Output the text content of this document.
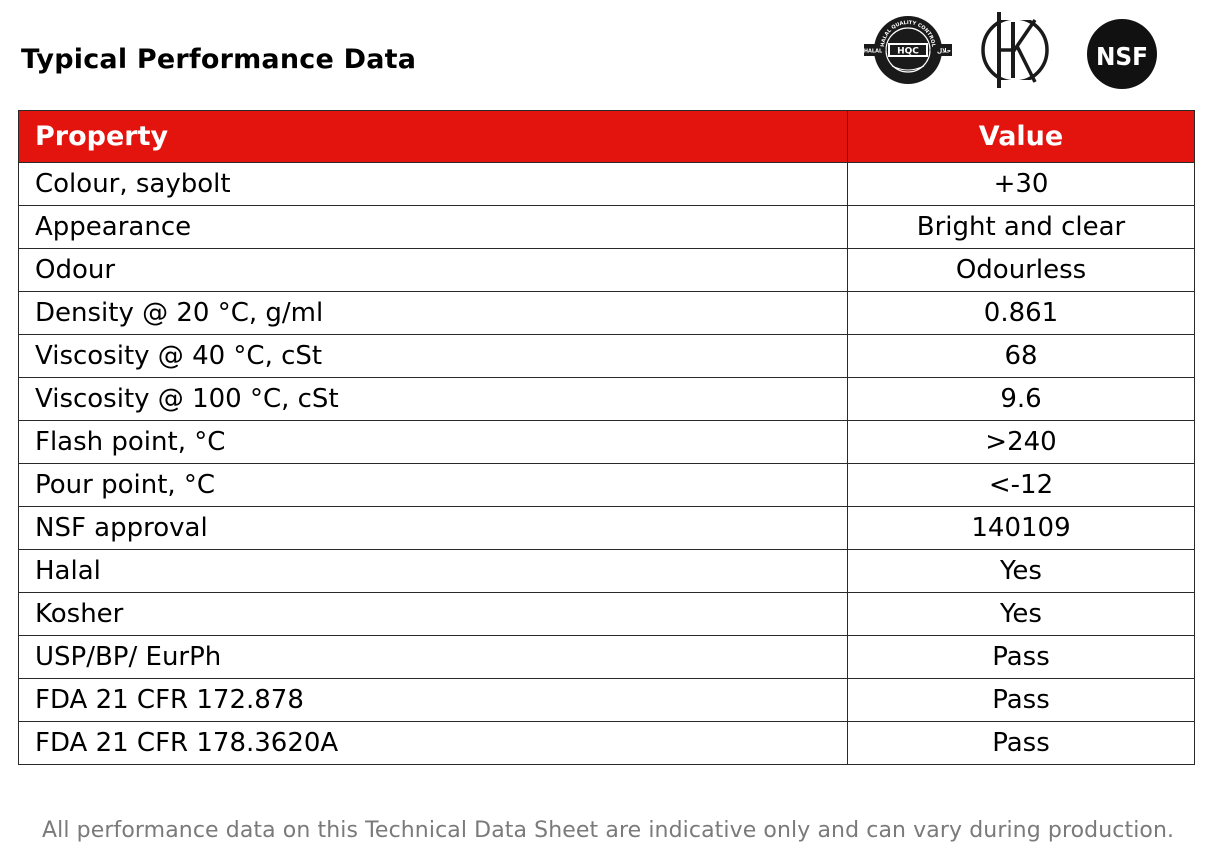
Typical Performance Data	HQC
HALAL	حلال
HALAL QUALITY CONTROL	NSF
Property	Value
Colour, saybolt	+30
Appearance	Bright and clear
Odour	Odourless
Density @ 20 °C, g/ml	0.861
Viscosity @ 40 °C, cSt	68
Viscosity @ 100 °C, cSt	9.6
Flash point, °C	>240
Pour point, °C	<-12
NSF approval	140109
Halal	Yes
Kosher	Yes
USP/BP/ EurPh	Pass
FDA 21 CFR 172.878	Pass
FDA 21 CFR 178.3620A	Pass
All performance data on this Technical Data Sheet are indicative only and can vary during production.
